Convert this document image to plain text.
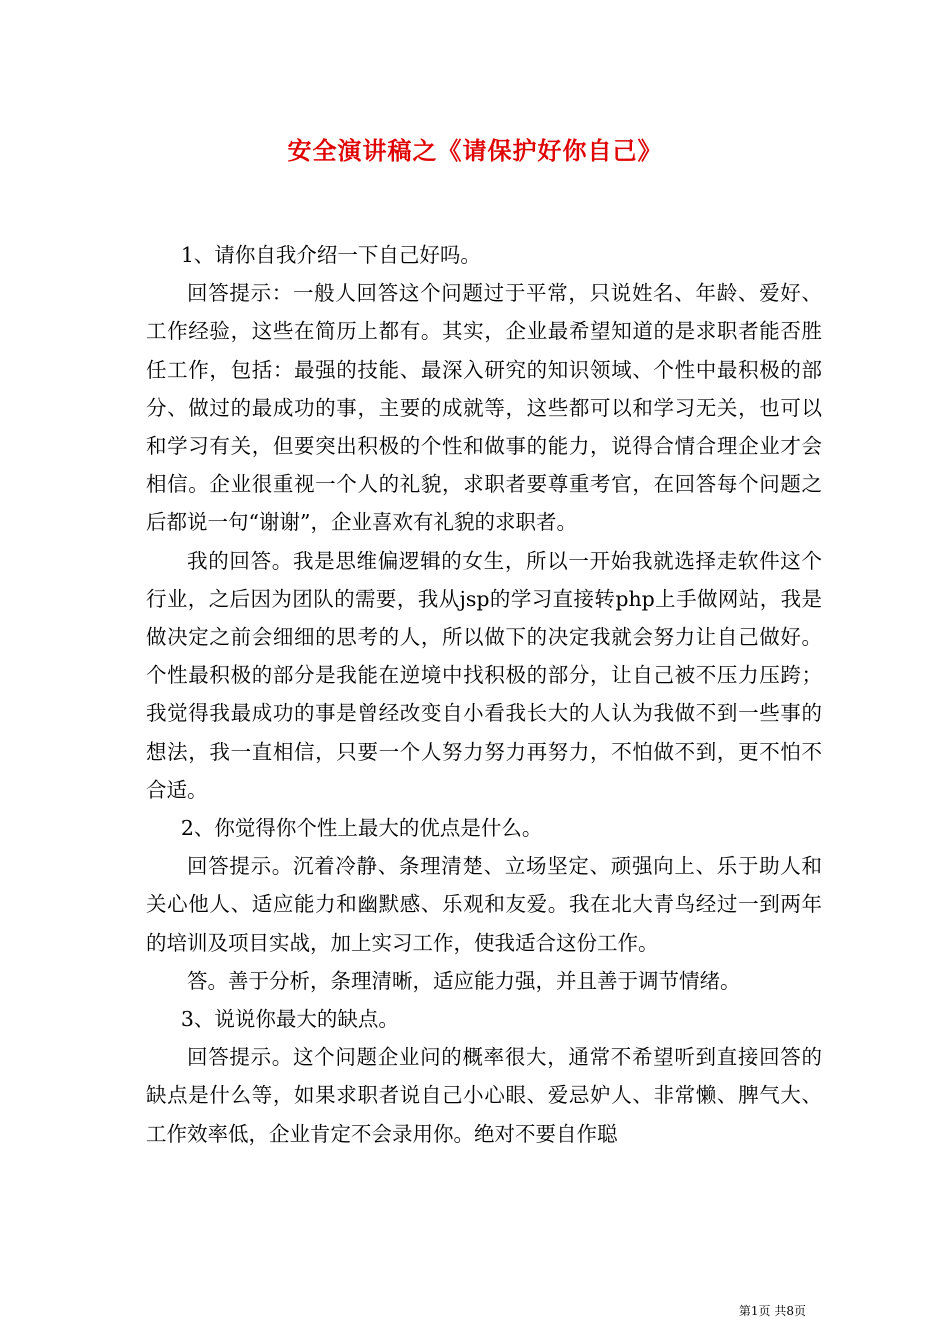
安全演讲稿之《请保护好你自己》

1、请你自我介绍一下自己好吗。

回答提示：一般人回答这个问题过于平常，只说姓名、年龄、爱好、工作经验，这些在简历上都有。其实，企业最希望知道的是求职者能否胜任工作，包括：最强的技能、最深入研究的知识领域、个性中最积极的部分、做过的最成功的事，主要的成就等，这些都可以和学习无关，也可以和学习有关，但要突出积极的个性和做事的能力，说得合情合理企业才会相信。企业很重视一个人的礼貌，求职者要尊重考官，在回答每个问题之后都说一句“谢谢”，企业喜欢有礼貌的求职者。

我的回答。我是思维偏逻辑的女生，所以一开始我就选择走软件这个行业，之后因为团队的需要，我从jsp的学习直接转php上手做网站，我是做决定之前会细细的思考的人，所以做下的决定我就会努力让自己做好。个性最积极的部分是我能在逆境中找积极的部分，让自己被不压力压跨；我觉得我最成功的事是曾经改变自小看我长大的人认为我做不到一些事的想法，我一直相信，只要一个人努力努力再努力，不怕做不到，更不怕不合适。

2、你觉得你个性上最大的优点是什么。

回答提示。沉着冷静、条理清楚、立场坚定、顽强向上、乐于助人和关心他人、适应能力和幽默感、乐观和友爱。我在北大青鸟经过一到两年的培训及项目实战，加上实习工作，使我适合这份工作。

答。善于分析，条理清晰，适应能力强，并且善于调节情绪。

3、说说你最大的缺点。

回答提示。这个问题企业问的概率很大，通常不希望听到直接回答的缺点是什么等，如果求职者说自己小心眼、爱忌妒人、非常懒、脾气大、工作效率低，企业肯定不会录用你。绝对不要自作聪

第1页 共8页
